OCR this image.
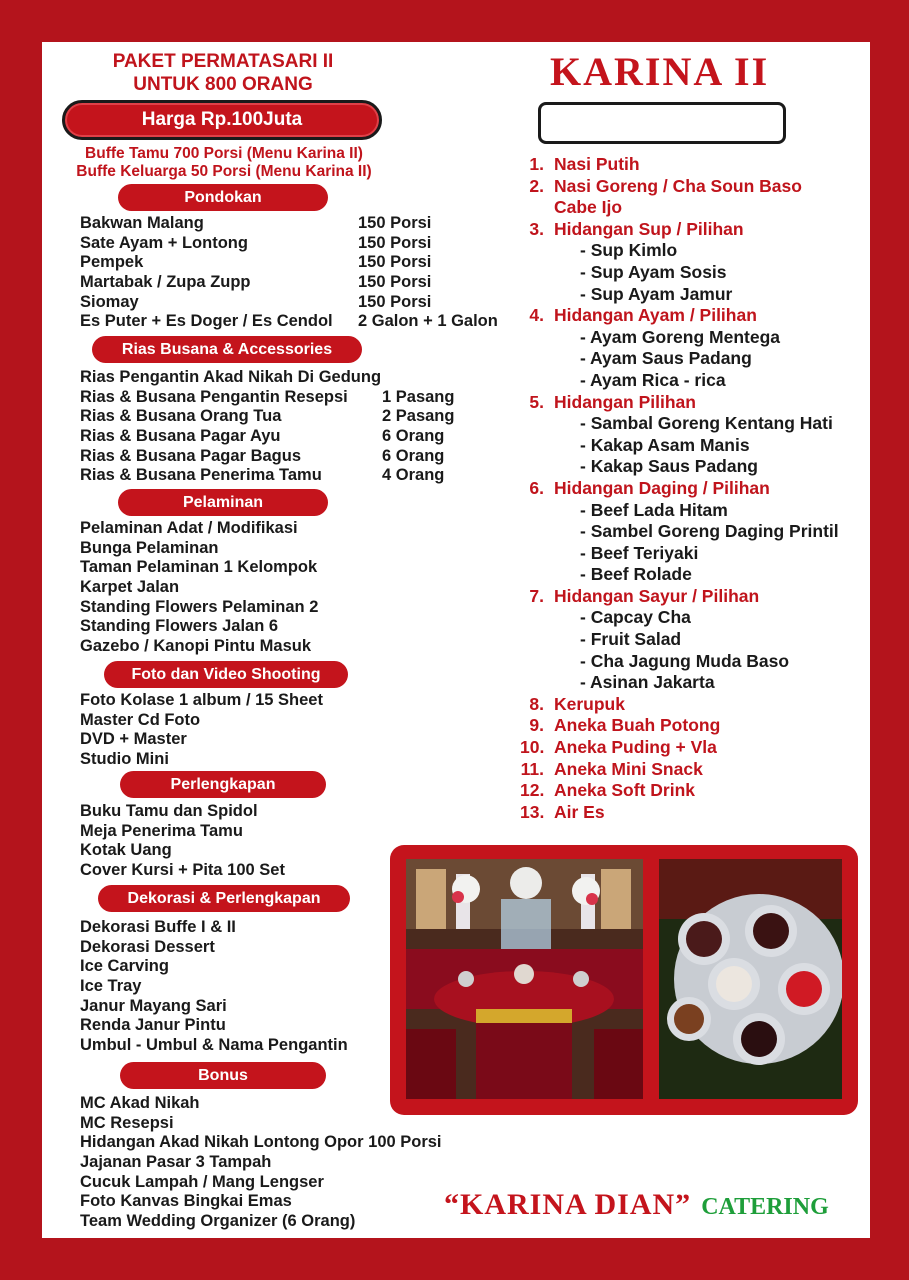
PAKET PERMATASARI II
UNTUK 800 ORANG
Harga Rp.100Juta
Buffe Tamu 700 Porsi (Menu Karina II)
Buffe Keluarga 50 Porsi (Menu Karina II)
Pondokan
Bakwan Malang	150 Porsi
Sate Ayam + Lontong	150 Porsi
Pempek	150 Porsi
Martabak / Zupa Zupp	150 Porsi
Siomay	150 Porsi
Es Puter + Es Doger / Es Cendol 2 Galon + 1 Galon
Rias Busana & Accessories
Rias Pengantin Akad Nikah Di Gedung
Rias & Busana Pengantin Resepsi 1 Pasang
Rias & Busana Orang Tua	2 Pasang
Rias & Busana Pagar Ayu	6 Orang
Rias & Busana Pagar Bagus	6 Orang
Rias & Busana Penerima Tamu	4 Orang
Pelaminan
Pelaminan Adat / Modifikasi
Bunga Pelaminan
Taman Pelaminan 1 Kelompok
Karpet Jalan
Standing Flowers Pelaminan 2
Standing Flowers Jalan 6
Gazebo / Kanopi Pintu Masuk
Foto dan Video Shooting
Foto Kolase 1 album / 15 Sheet
Master Cd Foto
DVD + Master
Studio Mini
Perlengkapan
Buku Tamu dan Spidol
Meja Penerima Tamu
Kotak Uang
Cover Kursi + Pita 100 Set
Dekorasi & Perlengkapan
Dekorasi Buffe I & II
Dekorasi Dessert
Ice Carving
Ice Tray
Janur Mayang Sari
Renda Janur Pintu
Umbul - Umbul & Nama Pengantin
Bonus
MC Akad Nikah
MC Resepsi
Hidangan Akad Nikah Lontong Opor 100 Porsi
Jajanan Pasar 3 Tampah
Cucuk Lampah / Mang Lengser
Foto Kanvas Bingkai Emas
Team Wedding Organizer (6 Orang)
KARINA II
1. Nasi Putih
2. Nasi Goreng / Cha Soun Baso
Cabe Ijo
3. Hidangan Sup / Pilihan
- Sup Kimlo
- Sup Ayam Sosis
- Sup Ayam Jamur
4. Hidangan Ayam / Pilihan
- Ayam Goreng Mentega
- Ayam Saus Padang
- Ayam Rica - rica
5. Hidangan Pilihan
- Sambal Goreng Kentang Hati
- Kakap Asam Manis
- Kakap Saus Padang
6. Hidangan Daging / Pilihan
- Beef Lada Hitam
- Sambel Goreng Daging Printil
- Beef Teriyaki
- Beef Rolade
7. Hidangan Sayur / Pilihan
- Capcay Cha
- Fruit Salad
- Cha Jagung Muda Baso
- Asinan Jakarta
8. Kerupuk
9. Aneka Buah Potong
10. Aneka Puding + Vla
11. Aneka Mini Snack
12. Aneka Soft Drink
13. Air Es
“KARINA DIAN” CATERING
